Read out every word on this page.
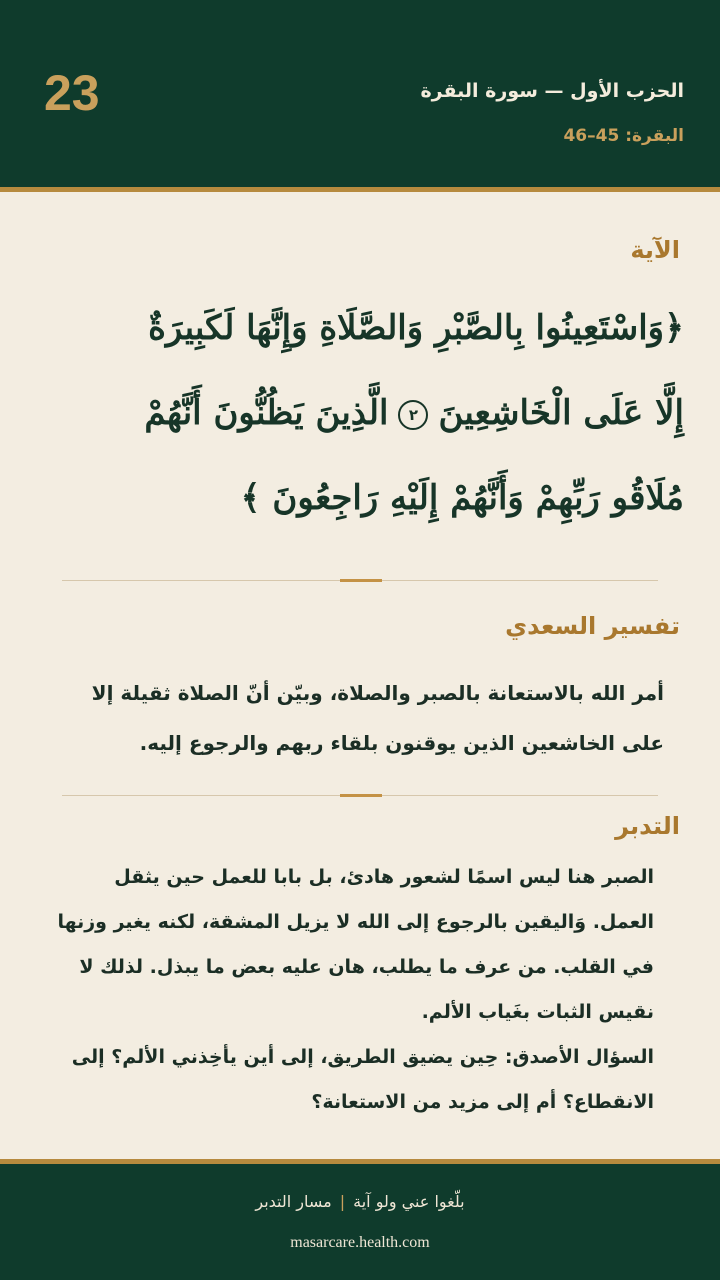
الحزب الأول — سورة البقرة
البقرة: 45–46
23
الآية
﴿وَاسْتَعِينُوا بِالصَّبْرِ وَالصَّلَاةِ وَإِنَّهَا لَكَبِيرَةٌ
إِلَّا عَلَى الْخَاشِعِينَ٢الَّذِينَ يَظُنُّونَ أَنَّهُمْ
مُلَاقُو رَبِّهِمْ وَأَنَّهُمْ إِلَيْهِ رَاجِعُونَ ﴾
تفسير السعدي
أمر الله بالاستعانة بالصبر والصلاة، وبيّن أنّ الصلاة ثقيلة إلا على الخاشعين الذين يوقنون بلقاء ربهم والرجوع إليه.
التدبر

الصبر هنا ليس اسمًا لشعور هادئ، بل بابا للعمل حين يثقل العمل. وَاليقين بالرجوع إلى الله لا يزيل المشقة، لكنه يغير وزنها في القلب. من عرف ما يطلب، هان عليه بعض ما يبذل. لذلك لا نقيس الثبات بغَياب الألم.

السؤال الأصدق: حِين يضيق الطريق، إلى أين يأخِذني الألم؟ إلى الانقطاع؟ أم إلى مزيد من الاستعانة؟

بلّغوا عني ولو آية|مسار التدبر
masarcare.health.com
